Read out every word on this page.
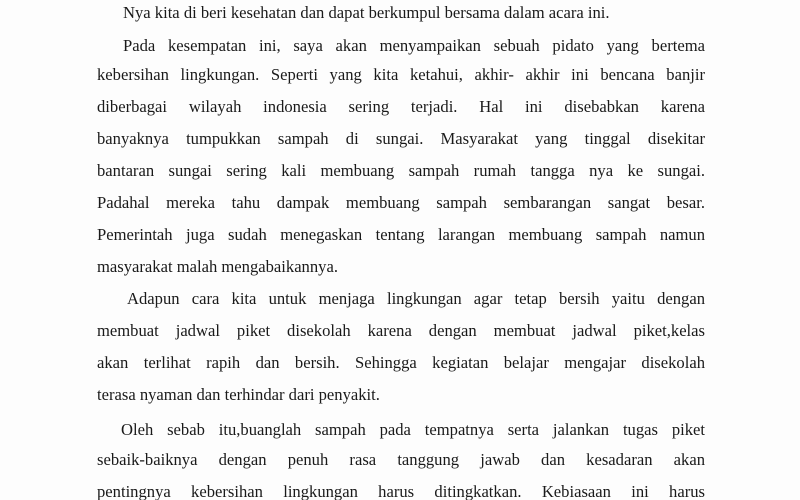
Nya kita di beri kesehatan dan dapat berkumpul bersama dalam acara ini.
Pada kesempatan ini, saya akan menyampaikan sebuah pidato yang bertema
kebersihan lingkungan. Seperti yang kita ketahui, akhir- akhir ini bencana banjir
diberbagai wilayah indonesia sering terjadi. Hal ini disebabkan karena
banyaknya tumpukkan sampah di sungai. Masyarakat yang tinggal disekitar
bantaran sungai sering kali membuang sampah rumah tangga nya ke sungai.
Padahal mereka tahu dampak membuang sampah sembarangan sangat besar.
Pemerintah juga sudah menegaskan tentang larangan membuang sampah namun
masyarakat malah mengabaikannya.
Adapun cara kita untuk menjaga lingkungan agar tetap bersih yaitu dengan
membuat jadwal piket disekolah karena dengan membuat jadwal piket,kelas
akan terlihat rapih dan bersih. Sehingga kegiatan belajar mengajar disekolah
terasa nyaman dan terhindar dari penyakit.
Oleh sebab itu,buanglah sampah pada tempatnya serta jalankan tugas piket
sebaik-baiknya dengan penuh rasa tanggung jawab dan kesadaran akan
pentingnya kebersihan lingkungan harus ditingkatkan. Kebiasaan ini harus
